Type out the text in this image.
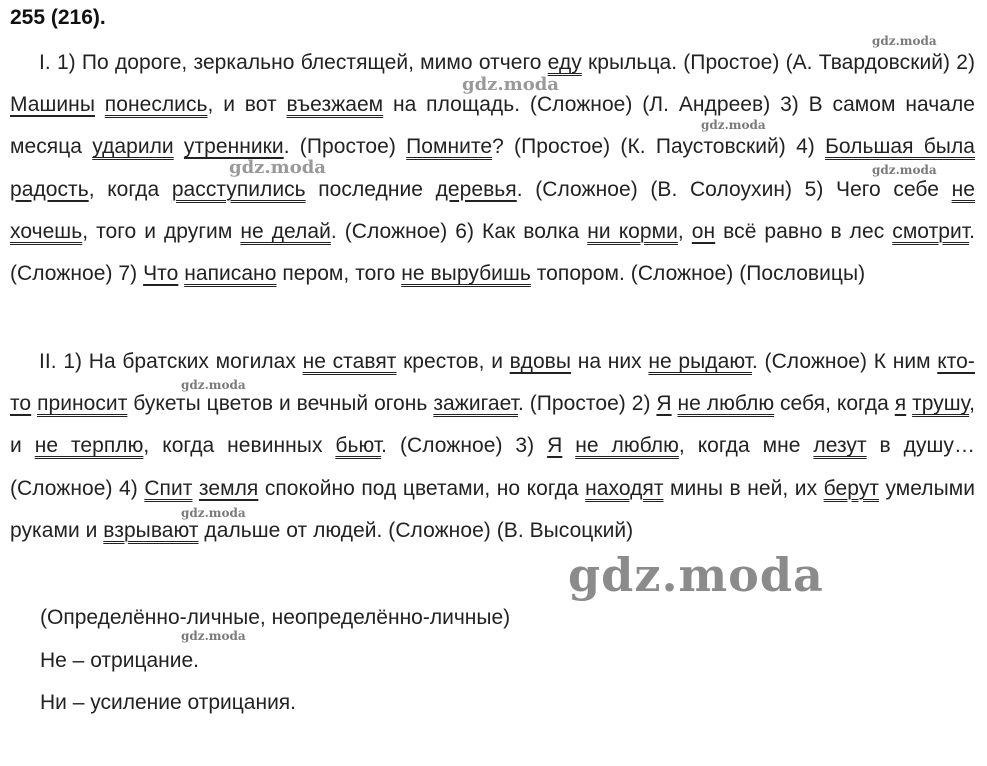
255 (216).
I. 1) По дороге, зеркально блестящей, мимо отчего еду крыльца. (Простое) (А. Твардовский) 2) Машины понеслись, и вот въезжаем на площадь. (Сложное) (Л. Андреев) 3) В самом начале месяца ударили утренники. (Простое) Помните? (Простое) (К. Паустовский) 4) Большая была радость, когда расступились последние деревья. (Сложное) (В. Солоухин) 5) Чего себе не хочешь, того и другим не делай. (Сложное) 6) Как волка ни корми, он всё равно в лес смотрит. (Сложное) 7) Что написано пером, того не вырубишь топором. (Сложное) (Пословицы)
II. 1) На братских могилах не ставят крестов, и вдовы на них не рыдают. (Сложное) К ним кто-то приносит букеты цветов и вечный огонь зажигает. (Простое) 2) Я не люблю себя, когда я трушу, и не терплю, когда невинных бьют. (Сложное) 3) Я не люблю, когда мне лезут в душу… (Сложное) 4) Спит земля спокойно под цветами, но когда находят мины в ней, их берут умелыми руками и взрывают дальше от людей. (Сложное) (В. Высоцкий)
(Определённо-личные, неопределённо-личные)
Не – отрицание.
Ни – усиление отрицания.
gdz.moda
gdz.moda
gdz.moda
gdz.moda	gdz.moda
gdz.moda
gdz.moda
gdz.moda
gdz.moda
